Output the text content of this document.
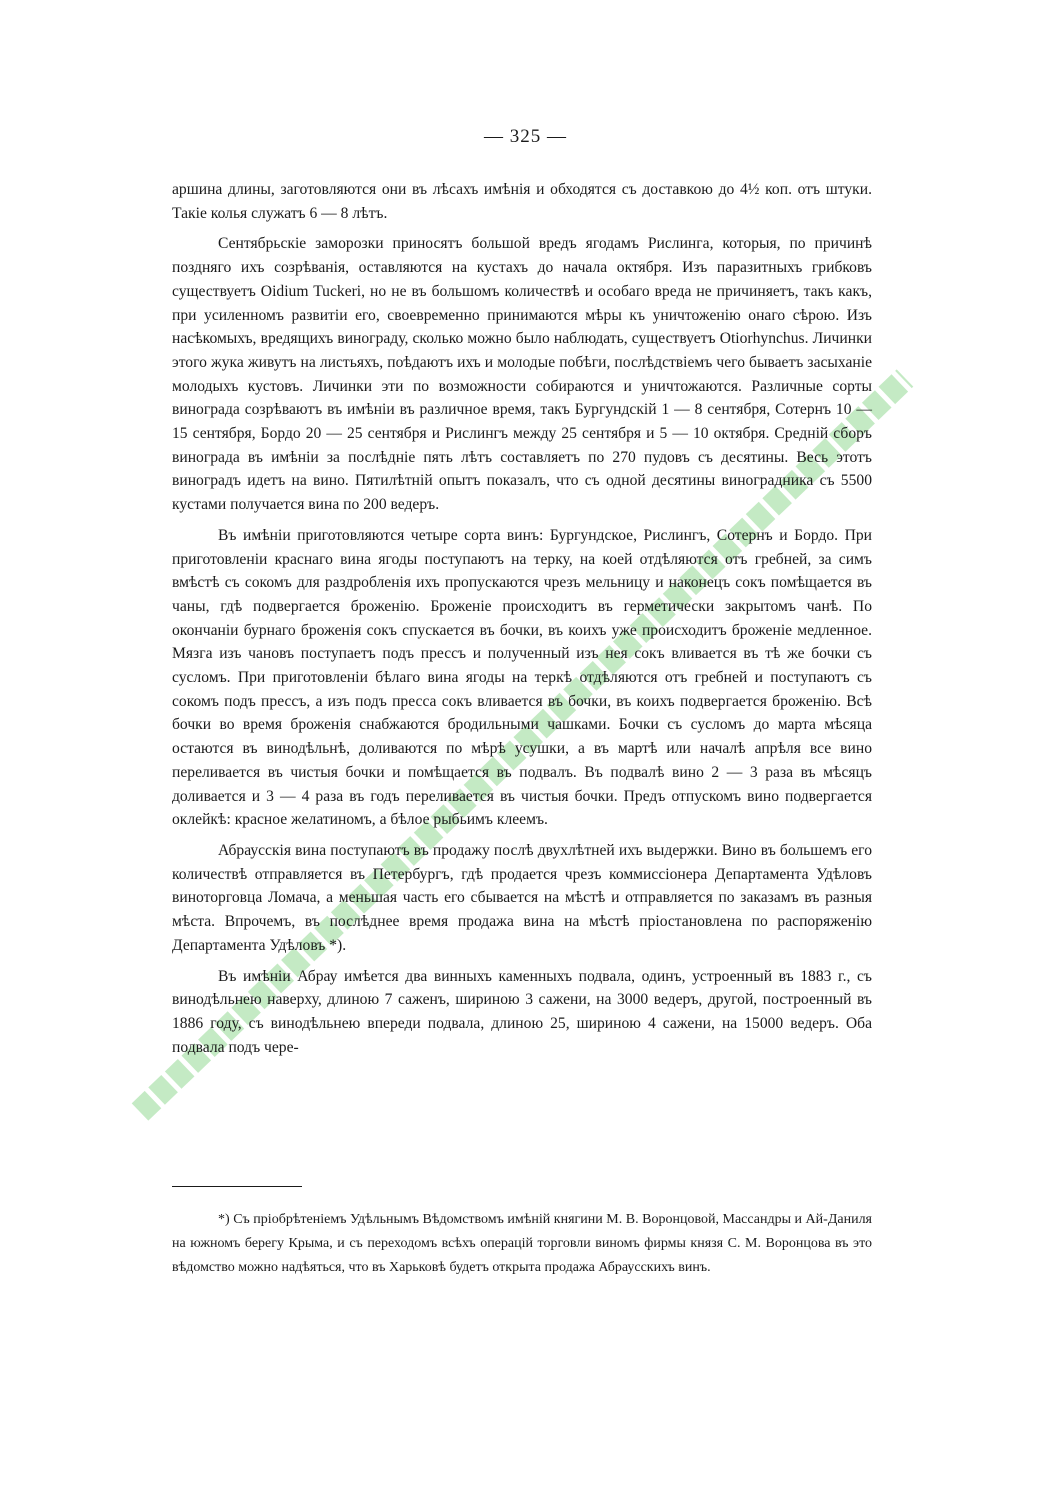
— 325 —

аршина длины, заготовляются они въ лѣсахъ имѣнія и обходятся съ доставкою до 4½ коп. отъ штуки. Такіе колья служатъ 6 — 8 лѣтъ.

Сентябрьскіе заморозки приносятъ большой вредъ ягодамъ Рислинга, которыя, по причинѣ поздняго ихъ созрѣванія, оставляются на кустахъ до начала октября. Изъ паразитныхъ грибковъ существуетъ Oidium Tuckeri, но не въ большомъ количествѣ и особаго вреда не причиняетъ, такъ какъ, при усиленномъ развитіи его, своевременно принимаются мѣры къ уничтоженію онаго сѣрою. Изъ насѣкомыхъ, вредящихъ винограду, сколько можно было наблюдать, существуетъ Otiorhynchus. Личинки этого жука живутъ на листьяхъ, поѣдаютъ ихъ и молодые побѣги, послѣдствіемъ чего бываетъ засыханіе молодыхъ кустовъ. Личинки эти по возможности собираются и уничтожаются. Различные сорты винограда созрѣваютъ въ имѣніи въ различное время, такъ Бургундскій 1 — 8 сентября, Сотернъ 10 — 15 сентября, Бордо 20 — 25 сентября и Рислингъ между 25 сентября и 5 — 10 октября. Средній сборъ винограда въ имѣніи за послѣдніе пять лѣтъ составляетъ по 270 пудовъ съ десятины. Весь этотъ виноградъ идетъ на вино. Пятилѣтній опытъ показалъ, что съ одной десятины виноградника съ 5500 кустами получается вина по 200 ведеръ.

Въ имѣніи приготовляются четыре сорта винъ: Бургундское, Рислингъ, Сотернъ и Бордо. При приготовленіи краснаго вина ягоды поступаютъ на терку, на коей отдѣляются отъ гребней, за симъ вмѣстѣ съ сокомъ для раздробленія ихъ пропускаются чрезъ мельницу и наконецъ сокъ помѣщается въ чаны, гдѣ подвергается броженію. Броженіе происходитъ въ герметически закрытомъ чанѣ. По окончаніи бурнаго броженія сокъ спускается въ бочки, въ коихъ уже происходитъ броженіе медленное. Мязга изъ чановъ поступаетъ подъ прессъ и полученный изъ нея сокъ вливается въ тѣ же бочки съ сусломъ. При приготовленіи бѣлаго вина ягоды на теркѣ отдѣляются отъ гребней и поступаютъ съ сокомъ подъ прессъ, а изъ подъ пресса сокъ вливается въ бочки, въ коихъ подвергается броженію. Всѣ бочки во время броженія снабжаются бродильными чашками. Бочки съ сусломъ до марта мѣсяца остаются въ винодѣльнѣ, доливаются по мѣрѣ усушки, а въ мартѣ или началѣ апрѣля все вино переливается въ чистыя бочки и помѣщается въ подвалъ. Въ подвалѣ вино 2 — 3 раза въ мѣсяцъ доливается и 3 — 4 раза въ годъ переливается въ чистыя бочки. Предъ отпускомъ вино подвергается оклейкѣ: красное желатиномъ, а бѣлое рыбьимъ клеемъ.

Абраусскія вина поступаютъ въ продажу послѣ двухлѣтней ихъ выдержки. Вино въ большемъ его количествѣ отправляется въ Петербургъ, гдѣ продается чрезъ коммиссіонера Департамента Удѣловъ виноторговца Ломача, а меньшая часть его сбывается на мѣстѣ и отправляется по заказамъ въ разныя мѣста. Впрочемъ, въ послѣднее время продажа вина на мѣстѣ пріостановлена по распоряженію Департамента Удѣловъ *).

Въ имѣніи Абрау имѣется два винныхъ каменныхъ подвала, одинъ, устроенный въ 1883 г., съ винодѣльнею наверху, длиною 7 саженъ, шириною 3 сажени, на 3000 ведеръ, другой, построенный въ 1886 году, съ винодѣльнею впереди подвала, длиною 25, шириною 4 сажени, на 15000 ведеръ. Оба подвала подъ чере-

*) Съ пріобрѣтеніемъ Удѣльнымъ Вѣдомствомъ имѣній княгини М. В. Воронцовой, Массандры и Ай-Даниля на южномъ берегу Крыма, и съ переходомъ всѣхъ операцій торговли виномъ фирмы князя С. М. Воронцова въ это вѣдомство можно надѣяться, что въ Харьковѣ будетъ открыта продажа Абраусскихъ винъ.
